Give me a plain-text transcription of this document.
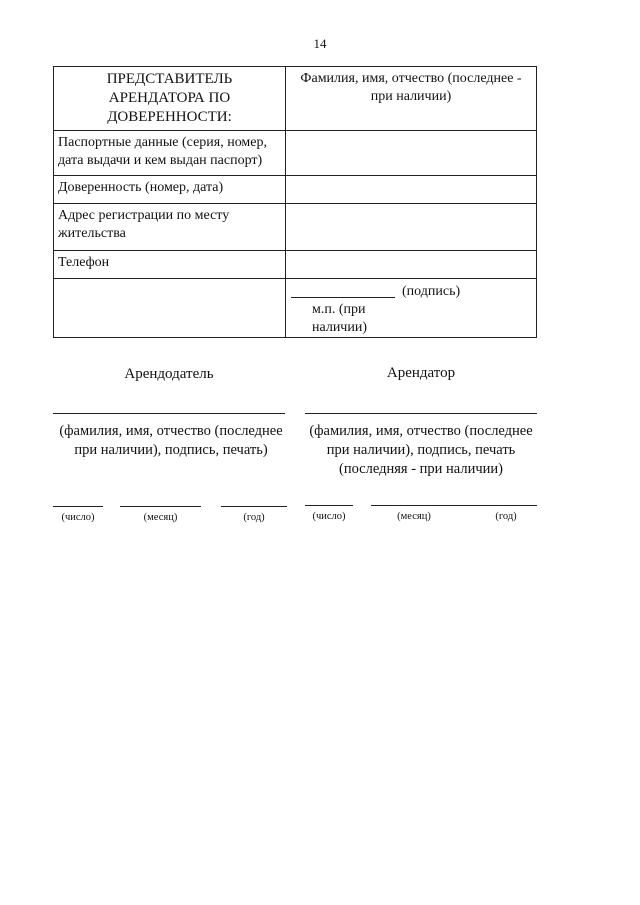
14
ПРЕДСТАВИТЕЛЬ АРЕНДАТОРА ПО ДОВЕРЕННОСТИ:	Фамилия, имя, отчество (последнее - при наличии)
Паспортные данные (серия, номер, дата выдачи и кем выдан паспорт)	
Доверенность (номер, дата)	
Адрес регистрации по месту жительства	
Телефон	

	(подпись)
м.п. (при наличии)
Арендодатель
(фамилия, имя, отчество (последнее при наличии), подпись, печать)
(число)	(месяц)	(год)
Арендатор
(фамилия, имя, отчество (последнее при наличии), подпись, печать (последняя - при наличии)
(число)	(месяц)	(год)
